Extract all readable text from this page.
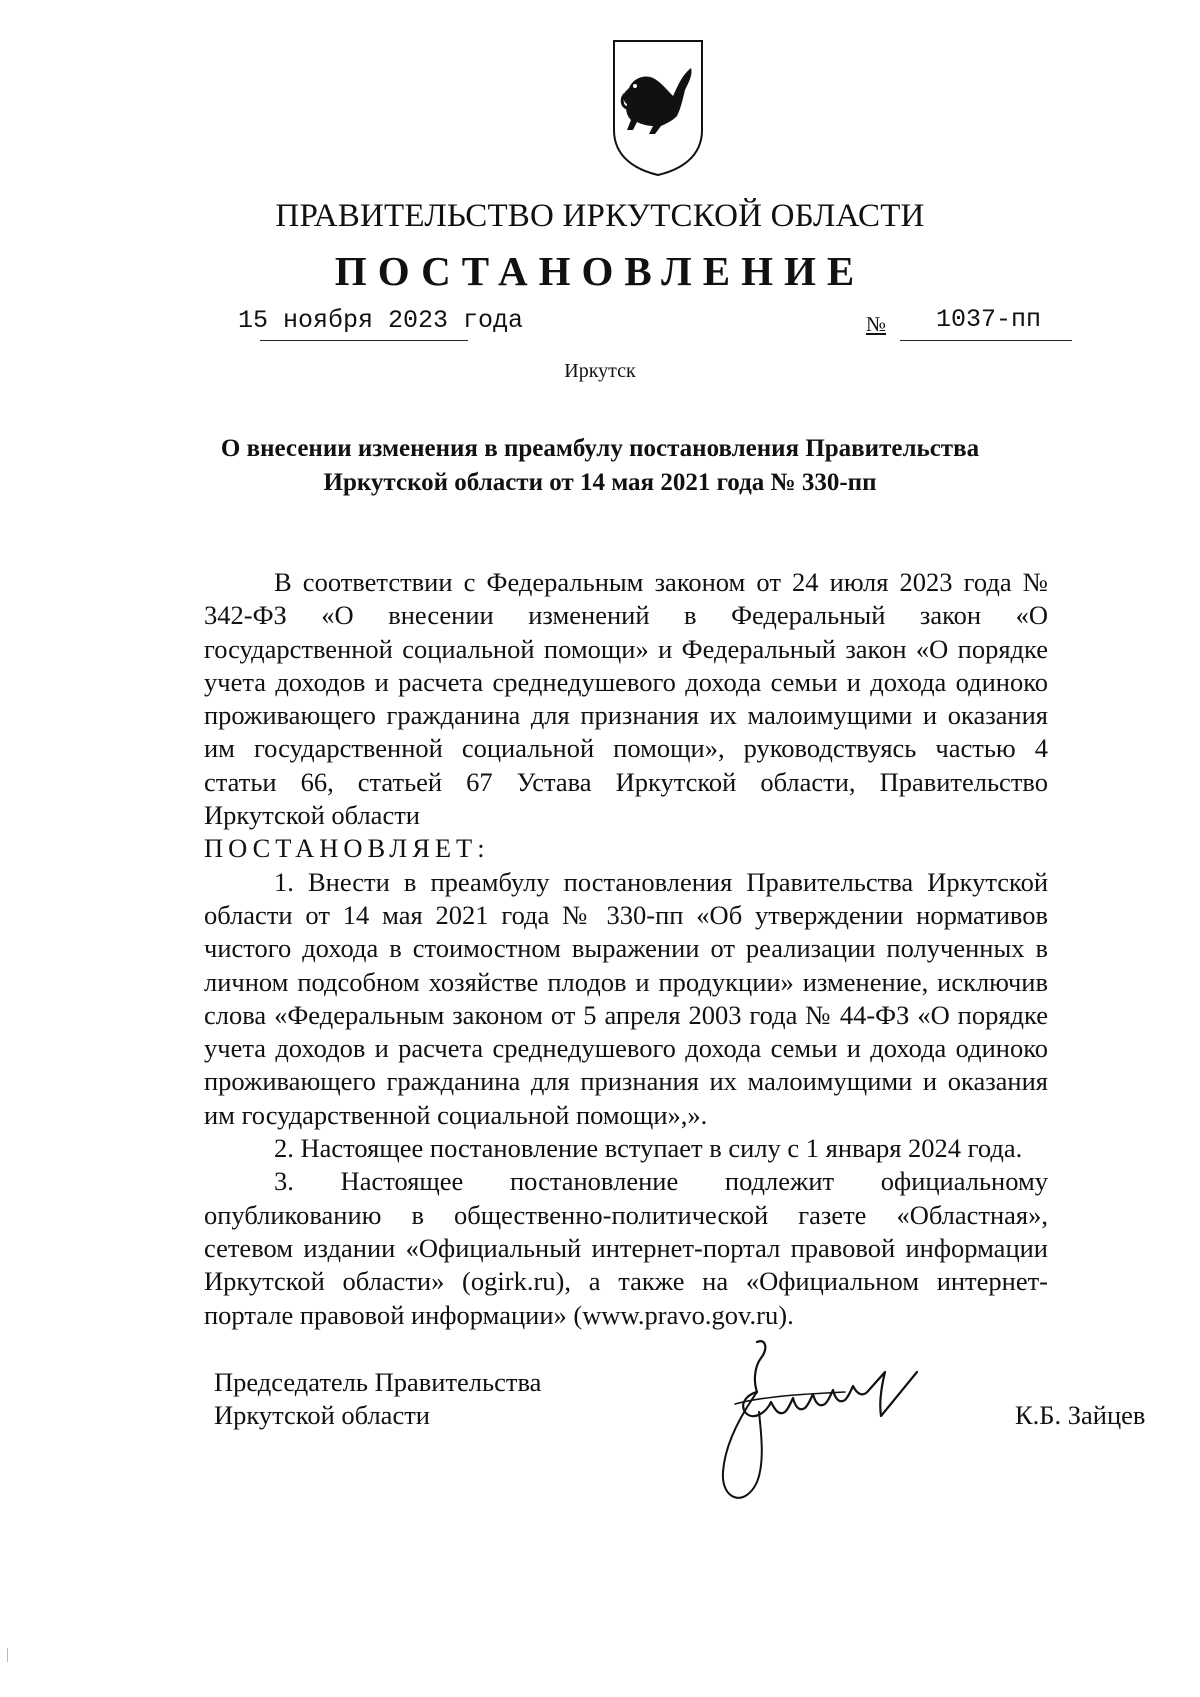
ПРАВИТЕЛЬСТВО ИРКУТСКОЙ ОБЛАСТИ
ПОСТАНОВЛЕНИЕ
15 ноября 2023 года	№ 1037-пп
Иркутск
О внесении изменения в преамбулу постановления Правительства
Иркутской области от 14 мая 2021 года № 330-пп

В соответствии с Федеральным законом от 24 июля 2023 года № 342-ФЗ «О внесении изменений в Федеральный закон «О государственной социальной помощи» и Федеральный закон «О порядке учета доходов и расчета среднедушевого дохода семьи и дохода одиноко проживающего гражданина для признания их малоимущими и оказания им государственной социальной помощи», руководствуясь частью 4 статьи 66, статьей 67 Устава Иркутской области, Правительство Иркутской области

ПОСТАНОВЛЯЕТ:

1. Внести в преамбулу постановления Правительства Иркутской области от 14 мая 2021 года № 330-пп «Об утверждении нормативов чистого дохода в стоимостном выражении от реализации полученных в личном подсобном хозяйстве плодов и продукции» изменение, исключив слова «Федеральным законом от 5 апреля 2003 года № 44-ФЗ «О порядке учета доходов и расчета среднедушевого дохода семьи и дохода одиноко проживающего гражданина для признания их малоимущими и оказания им государственной социальной помощи»,».

2. Настоящее постановление вступает в силу с 1 января 2024 года.

3. Настоящее постановление подлежит официальному опубликованию в общественно-политической газете «Областная», сетевом издании «Официальный интернет-портал правовой информации Иркутской области» (ogirk.ru), а также на «Официальном интернет-портале правовой информации» (www.pravo.gov.ru).

Председатель Правительства
Иркутской области	К.Б. Зайцев
